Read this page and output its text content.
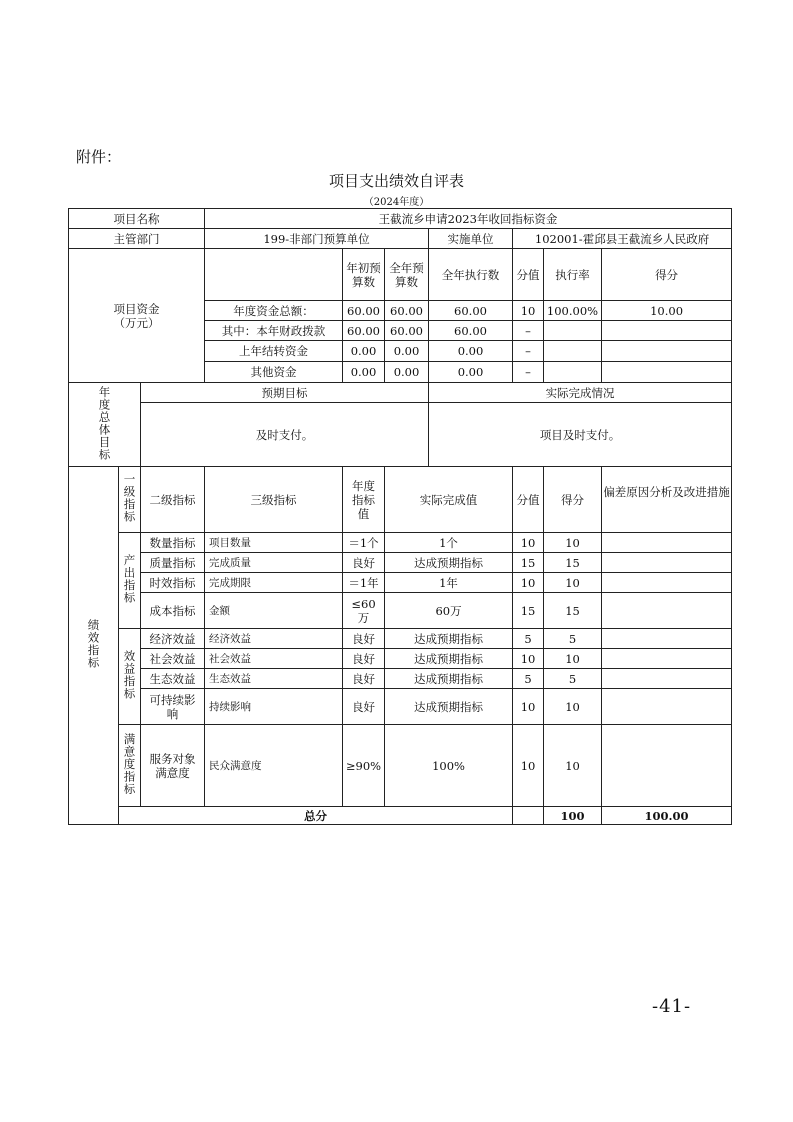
附件：
项目支出绩效自评表
（2024年度）
项目名称			王截流乡申请2023年收回指标资金							
主管部门			199-非部门预算单位			实施单位	102001-霍邱县王截流乡人民政府			
项目资金
（万元）				年初预算数	全年预算数	全年执行数	分值	执行率	得分	
			年度资金总额：	60.00	60.00	60.00	10	100.00%	10.00	
			其中：本年财政拨款	60.00	60.00	60.00	–			
			上年结转资金	0.00	0.00	0.00	–			
			其他资金	0.00	0.00	0.00	–			
年度总体目标		预期目标				实际完成情况				
		及时支付。				项目及时支付。				
绩效指标	一级指标	二级指标	三级指标	年度指标值	实际完成值		分值	得分	偏差原因分析及改进措施	
	产出指标	数量指标	项目数量	＝1个	1个		10	10		
		质量指标	完成质量	良好	达成预期指标		15	15		
		时效指标	完成期限	＝1年	1年		10	10		
		成本指标	金额	≤60万	60万		15	15		
	效益指标	经济效益	经济效益	良好	达成预期指标		5	5		
		社会效益	社会效益	良好	达成预期指标		10	10		
		生态效益	生态效益	良好	达成预期指标		5	5		
		可持续影响	持续影响	良好	达成预期指标		10	10		
	满意度指标	服务对象满意度	民众满意度	≥90%	100%		10	10		
	总分							100	100.00	
-41-
